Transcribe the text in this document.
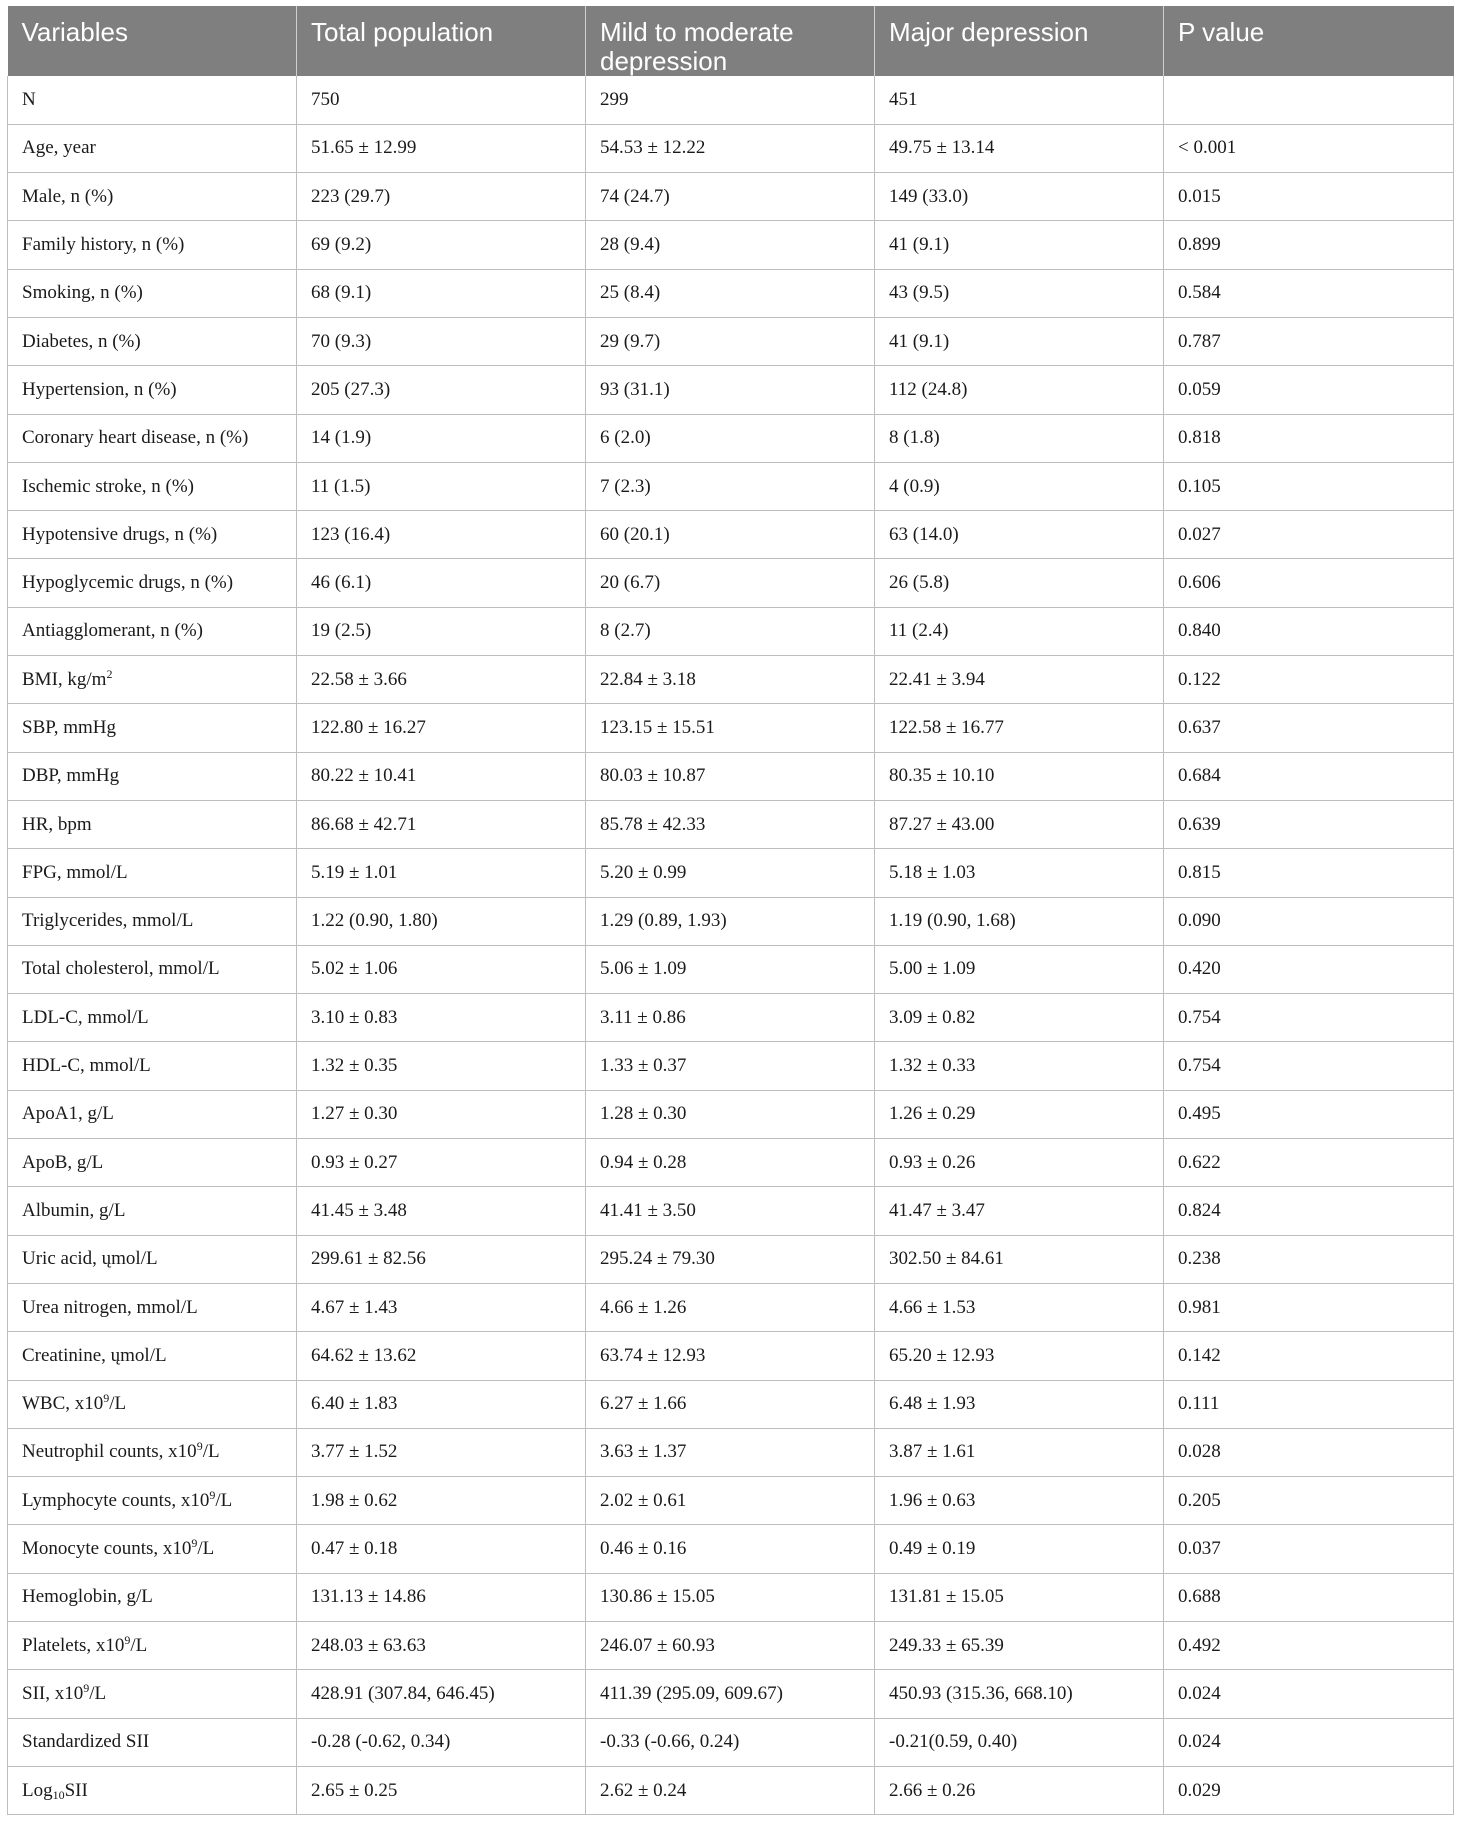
Variables	Total population	Mild to moderate depression	Major depression	P value
N	750	299	451	
Age, year	51.65 ± 12.99	54.53 ± 12.22	49.75 ± 13.14	< 0.001
Male, n (%)	223 (29.7)	74 (24.7)	149 (33.0)	0.015
Family history, n (%)	69 (9.2)	28 (9.4)	41 (9.1)	0.899
Smoking, n (%)	68 (9.1)	25 (8.4)	43 (9.5)	0.584
Diabetes, n (%)	70 (9.3)	29 (9.7)	41 (9.1)	0.787
Hypertension, n (%)	205 (27.3)	93 (31.1)	112 (24.8)	0.059
Coronary heart disease, n (%)	14 (1.9)	6 (2.0)	8 (1.8)	0.818
Ischemic stroke, n (%)	11 (1.5)	7 (2.3)	4 (0.9)	0.105
Hypotensive drugs, n (%)	123 (16.4)	60 (20.1)	63 (14.0)	0.027
Hypoglycemic drugs, n (%)	46 (6.1)	20 (6.7)	26 (5.8)	0.606
Antiagglomerant, n (%)	19 (2.5)	8 (2.7)	11 (2.4)	0.840
BMI, $kg/m^2$	22.58 ± 3.66	22.84 ± 3.18	22.41 ± 3.94	0.122
SBP, mmHg	122.80 ± 16.27	123.15 ± 15.51	122.58 ± 16.77	0.637
DBP, mmHg	80.22 ± 10.41	80.03 ± 10.87	80.35 ± 10.10	0.684
HR, bpm	86.68 ± 42.71	85.78 ± 42.33	87.27 ± 43.00	0.639
FPG, mmol/L	5.19 ± 1.01	5.20 ± 0.99	5.18 ± 1.03	0.815
Triglycerides, mmol/L	1.22 (0.90, 1.80)	1.29 (0.89, 1.93)	1.19 (0.90, 1.68)	0.090
Total cholesterol, mmol/L	5.02 ± 1.06	5.06 ± 1.09	5.00 ± 1.09	0.420
LDL-C, mmol/L	3.10 ± 0.83	3.11 ± 0.86	3.09 ± 0.82	0.754
HDL-C, mmol/L	1.32 ± 0.35	1.33 ± 0.37	1.32 ± 0.33	0.754
ApoA1, g/L	1.27 ± 0.30	1.28 ± 0.30	1.26 ± 0.29	0.495
ApoB, g/L	0.93 ± 0.27	0.94 ± 0.28	0.93 ± 0.26	0.622
Albumin, g/L	41.45 ± 3.48	41.41 ± 3.50	41.47 ± 3.47	0.824
Uric acid, ųmol/L	299.61 ± 82.56	295.24 ± 79.30	302.50 ± 84.61	0.238
Urea nitrogen, mmol/L	4.67 ± 1.43	4.66 ± 1.26	4.66 ± 1.53	0.981
Creatinine, ųmol/L	64.62 ± 13.62	63.74 ± 12.93	65.20 ± 12.93	0.142
WBC, $x10^9/L$	6.40 ± 1.83	6.27 ± 1.66	6.48 ± 1.93	0.111
Neutrophil counts, $x10^9/L$	3.77 ± 1.52	3.63 ± 1.37	3.87 ± 1.61	0.028
Lymphocyte counts, $x10^9/L$	1.98 ± 0.62	2.02 ± 0.61	1.96 ± 0.63	0.205
Monocyte counts, $x10^9/L$	0.47 ± 0.18	0.46 ± 0.16	0.49 ± 0.19	0.037
Hemoglobin, g/L	131.13 ± 14.86	130.86 ± 15.05	131.81 ± 15.05	0.688
Platelets, $x10^9/L$	248.03 ± 63.63	246.07 ± 60.93	249.33 ± 65.39	0.492
SII, $x10^9/L$	428.91 (307.84, 646.45)	411.39 (295.09, 609.67)	450.93 (315.36, 668.10)	0.024
Standardized SII	-0.28 (-0.62, 0.34)	-0.33 (-0.66, 0.24)	-0.21(0.59, 0.40)	0.024
Log$_{10}$SII	2.65 ± 0.25	2.62 ± 0.24	2.66 ± 0.26	0.029
